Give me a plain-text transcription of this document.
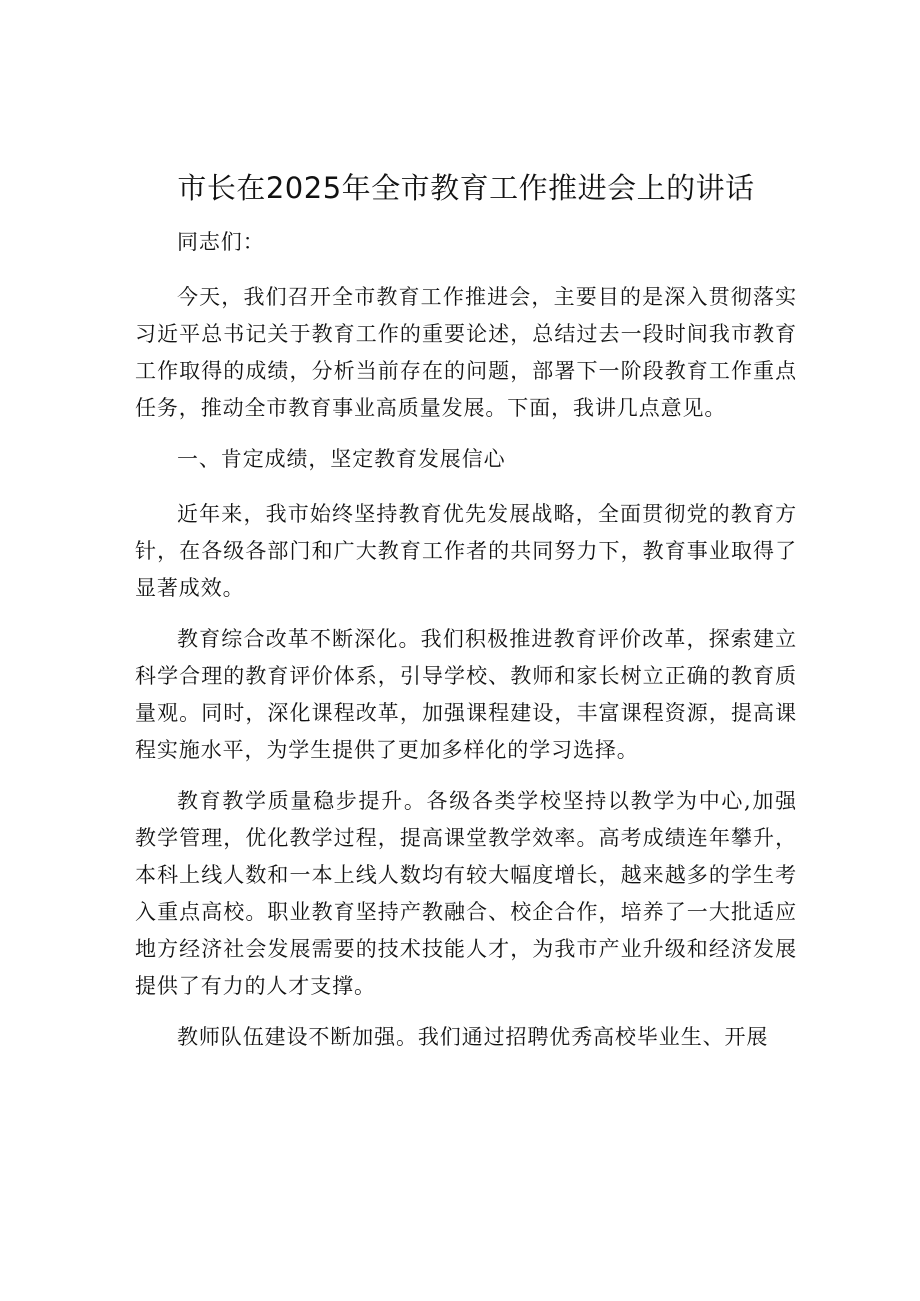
市长在2025年全市教育工作推进会上的讲话

同志们：

今天，我们召开全市教育工作推进会，主要目的是深入贯彻落实习近平总书记关于教育工作的重要论述，总结过去一段时间我市教育工作取得的成绩，分析当前存在的问题，部署下一阶段教育工作重点任务，推动全市教育事业高质量发展。下面，我讲几点意见。

一、肯定成绩，坚定教育发展信心

近年来，我市始终坚持教育优先发展战略，全面贯彻党的教育方针，在各级各部门和广大教育工作者的共同努力下，教育事业取得了显著成效。

教育综合改革不断深化。我们积极推进教育评价改革，探索建立科学合理的教育评价体系，引导学校、教师和家长树立正确的教育质量观。同时，深化课程改革，加强课程建设，丰富课程资源，提高课程实施水平，为学生提供了更加多样化的学习选择。

教育教学质量稳步提升。各级各类学校坚持以教学为中心,加强教学管理，优化教学过程，提高课堂教学效率。高考成绩连年攀升，本科上线人数和一本上线人数均有较大幅度增长，越来越多的学生考入重点高校。职业教育坚持产教融合、校企合作，培养了一大批适应地方经济社会发展需要的技术技能人才，为我市产业升级和经济发展提供了有力的人才支撑。

教师队伍建设不断加强。我们通过招聘优秀高校毕业生、开展
